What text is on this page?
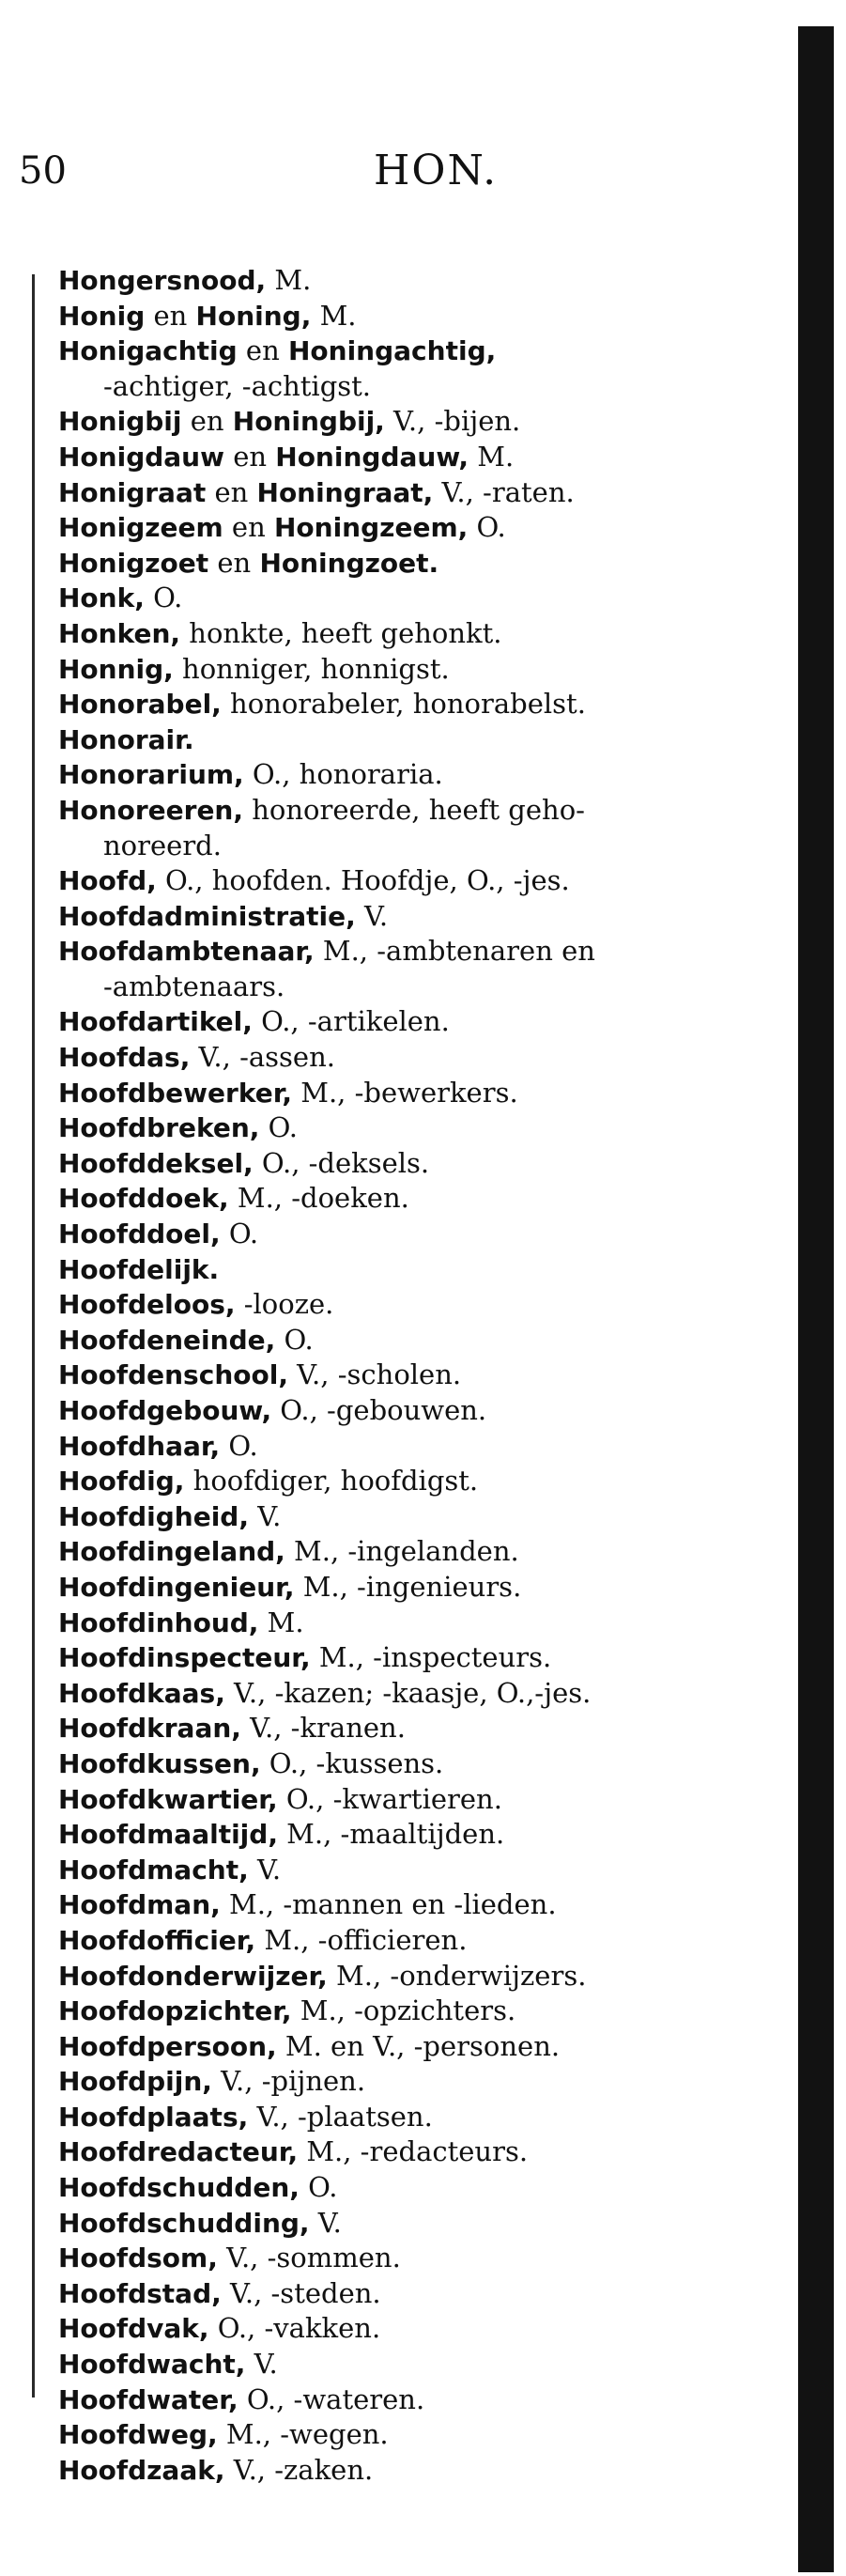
50	HON.
Hongersnood, M.
Honig en Honing, M.
Honigachtig en Honingachtig,
-achtiger, -achtigst.
Honigbij en Honingbij, V., -bijen.
Honigdauw en Honingdauw, M.
Honigraat en Honingraat, V., -raten.
Honigzeem en Honingzeem, O.
Honigzoet en Honingzoet.
Honk, O.
Honken, honkte, heeft gehonkt.
Honnig, honniger, honnigst.
Honorabel, honorabeler, honorabelst.
Honorair.
Honorarium, O., honoraria.
Honoreeren, honoreerde, heeft geho-
noreerd.
Hoofd, O., hoofden. Hoofdje, O., -jes.
Hoofdadministratie, V.
Hoofdambtenaar, M., -ambtenaren en
-ambtenaars.
Hoofdartikel, O., -artikelen.
Hoofdas, V., -assen.
Hoofdbewerker, M., -bewerkers.
Hoofdbreken, O.
Hoofddeksel, O., -deksels.
Hoofddoek, M., -doeken.
Hoofddoel, O.
Hoofdelijk.
Hoofdeloos, -looze.
Hoofdeneinde, O.
Hoofdenschool, V., -scholen.
Hoofdgebouw, O., -gebouwen.
Hoofdhaar, O.
Hoofdig, hoofdiger, hoofdigst.
Hoofdigheid, V.
Hoofdingeland, M., -ingelanden.
Hoofdingenieur, M., -ingenieurs.
Hoofdinhoud, M.
Hoofdinspecteur, M., -inspecteurs.
Hoofdkaas, V., -kazen; -kaasje, O.,-jes.
Hoofdkraan, V., -kranen.
Hoofdkussen, O., -kussens.
Hoofdkwartier, O., -kwartieren.
Hoofdmaaltijd, M., -maaltijden.
Hoofdmacht, V.
Hoofdman, M., -mannen en -lieden.
Hoofdofficier, M., -officieren.
Hoofdonderwijzer, M., -onderwijzers.
Hoofdopzichter, M., -opzichters.
Hoofdpersoon, M. en V., -personen.
Hoofdpijn, V., -pijnen.
Hoofdplaats, V., -plaatsen.
Hoofdredacteur, M., -redacteurs.
Hoofdschudden, O.
Hoofdschudding, V.
Hoofdsom, V., -sommen.
Hoofdstad, V., -steden.
Hoofdvak, O., -vakken.
Hoofdwacht, V.
Hoofdwater, O., -wateren.
Hoofdweg, M., -wegen.
Hoofdzaak, V., -zaken.
